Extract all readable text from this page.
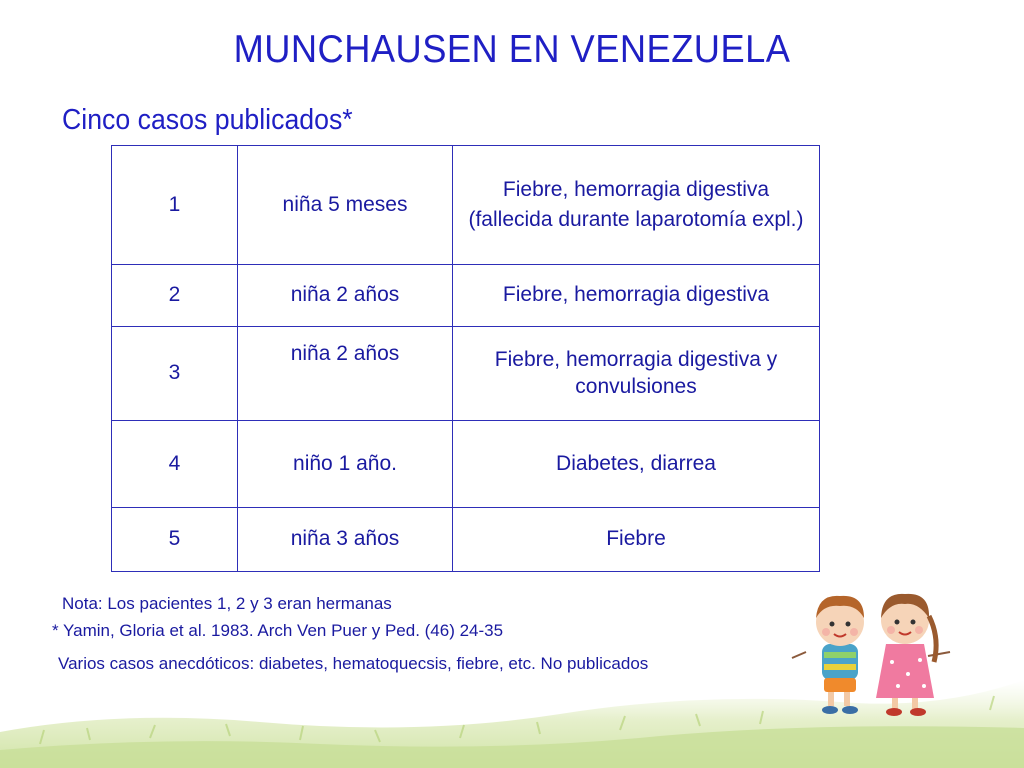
MUNCHAUSEN EN VENEZUELA
Cinco casos publicados*
1	niña 5 meses	Fiebre, hemorragia digestiva
(fallecida durante laparotomía expl.)

2	niña 2 años	Fiebre, hemorragia digestiva
3	niña 2 años	Fiebre, hemorragia digestiva y convulsiones
4	niño 1 año.	Diabetes, diarrea
5	niña 3 años	Fiebre
Nota: Los pacientes 1, 2 y 3 eran hermanas
* Yamin, Gloria et al. 1983. Arch Ven Puer y Ped. (46) 24-35
Varios casos anecdóticos: diabetes, hematoquecsis, fiebre, etc. No publicados
